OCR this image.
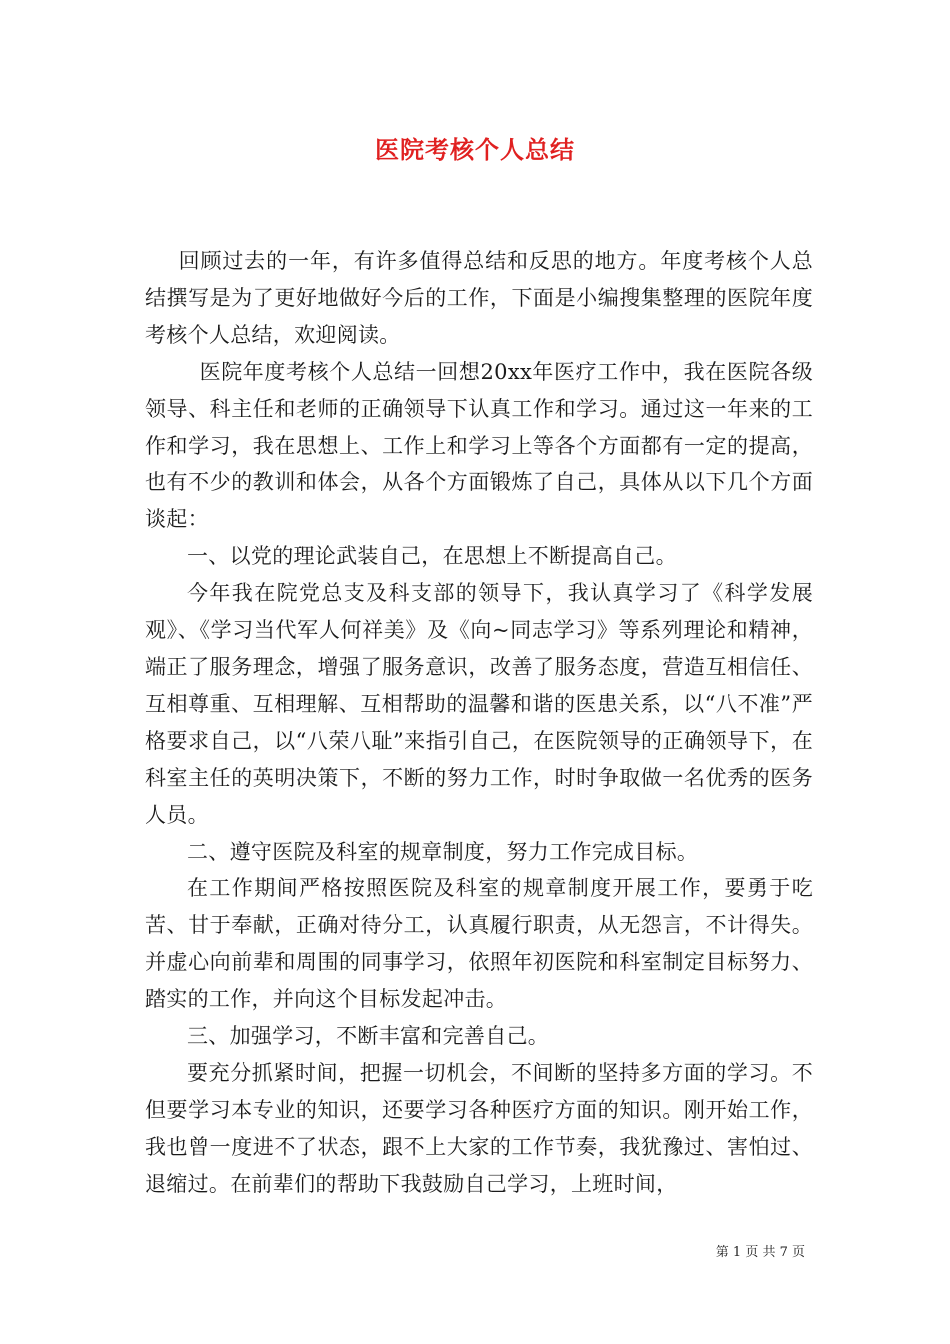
医院考核个人总结

回顾过去的一年，有许多值得总结和反思的地方。年度考核个人总结撰写是为了更好地做好今后的工作，下面是小编搜集整理的医院年度考核个人总结，欢迎阅读。

医院年度考核个人总结一回想20xx年医疗工作中，我在医院各级领导、科主任和老师的正确领导下认真工作和学习。通过这一年来的工作和学习，我在思想上、工作上和学习上等各个方面都有一定的提高，也有不少的教训和体会，从各个方面锻炼了自己，具体从以下几个方面谈起：

一、以党的理论武装自己，在思想上不断提高自己。

今年我在院党总支及科支部的领导下，我认真学习了《科学发展观》、《学习当代军人何祥美》及《向~同志学习》等系列理论和精神，端正了服务理念，增强了服务意识，改善了服务态度，营造互相信任、互相尊重、互相理解、互相帮助的温馨和谐的医患关系，以“八不准”严格要求自己，以“八荣八耻”来指引自己，在医院领导的正确领导下，在科室主任的英明决策下，不断的努力工作，时时争取做一名优秀的医务人员。

二、遵守医院及科室的规章制度，努力工作完成目标。

在工作期间严格按照医院及科室的规章制度开展工作，要勇于吃苦、甘于奉献，正确对待分工，认真履行职责，从无怨言，不计得失。并虚心向前辈和周围的同事学习，依照年初医院和科室制定目标努力、踏实的工作，并向这个目标发起冲击。

三、加强学习，不断丰富和完善自己。

要充分抓紧时间，把握一切机会，不间断的坚持多方面的学习。不但要学习本专业的知识，还要学习各种医疗方面的知识。刚开始工作，我也曾一度进不了状态，跟不上大家的工作节奏，我犹豫过、害怕过、退缩过。在前辈们的帮助下我鼓励自己学习，上班时间，

第 1 页 共 7 页
